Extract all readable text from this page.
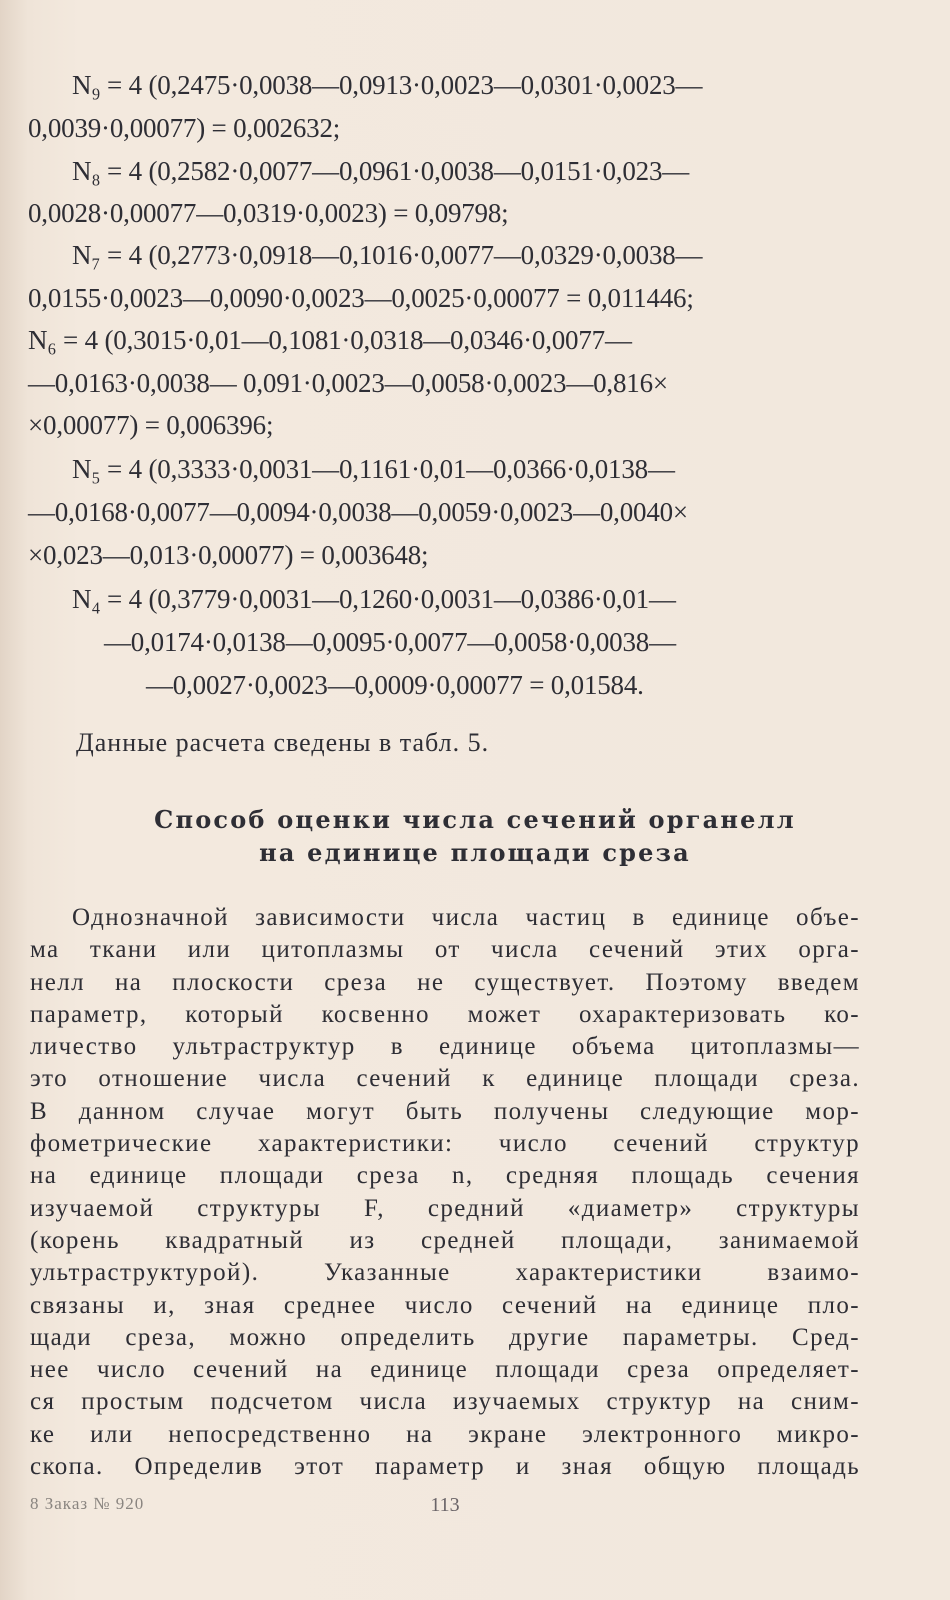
N₉ = 4 (0,2475·0,0038—0,0913·0,0023—0,0301·0,0023—
0,0039·0,00077) = 0,002632;
N₈ = 4 (0,2582·0,0077—0,0961·0,0038—0,0151·0,023—
0,0028·0,00077—0,0319·0,0023) = 0,09798;
N₇ = 4 (0,2773·0,0918—0,1016·0,0077—0,0329·0,0038—
0,0155·0,0023—0,0090·0,0023—0,0025·0,00077 = 0,011446;
N₆ = 4 (0,3015·0,01—0,1081·0,0318—0,0346·0,0077—
—0,0163·0,0038— 0,091·0,0023—0,0058·0,0023—0,816×
×0,00077) = 0,006396;
N₅ = 4 (0,3333·0,0031—0,1161·0,01—0,0366·0,0138—
—0,0168·0,0077—0,0094·0,0038—0,0059·0,0023—0,0040×
×0,023—0,013·0,00077) = 0,003648;
N₄ = 4 (0,3779·0,0031—0,1260·0,0031—0,0386·0,01—
—0,0174·0,0138—0,0095·0,0077—0,0058·0,0038—
—0,0027·0,0023—0,0009·0,00077 = 0,01584.
Данные расчета сведены в табл. 5.
Способ оценки числа сечений органелл
на единице площади среза
Однозначной зависимости числа частиц в единице объе-
ма ткани или цитоплазмы от числа сечений этих орга-
нелл на плоскости среза не существует. Поэтому введем
параметр, который косвенно может охарактеризовать ко-
личество ультраструктур в единице объема цитоплазмы—
это отношение числа сечений к единице площади среза.
В данном случае могут быть получены следующие мор-
фометрические характеристики: число сечений структур
на единице площади среза n, средняя площадь сечения
изучаемой структуры F, средний «диаметр» структуры
(корень квадратный из средней площади, занимаемой
ультраструктурой). Указанные характеристики взаимо-
связаны и, зная среднее число сечений на единице пло-
щади среза, можно определить другие параметры. Сред-
нее число сечений на единице площади среза определяет-
ся простым подсчетом числа изучаемых структур на сним-
ке или непосредственно на экране электронного микро-
скопа. Определив этот параметр и зная общую площадь
8 Заказ № 920	113
